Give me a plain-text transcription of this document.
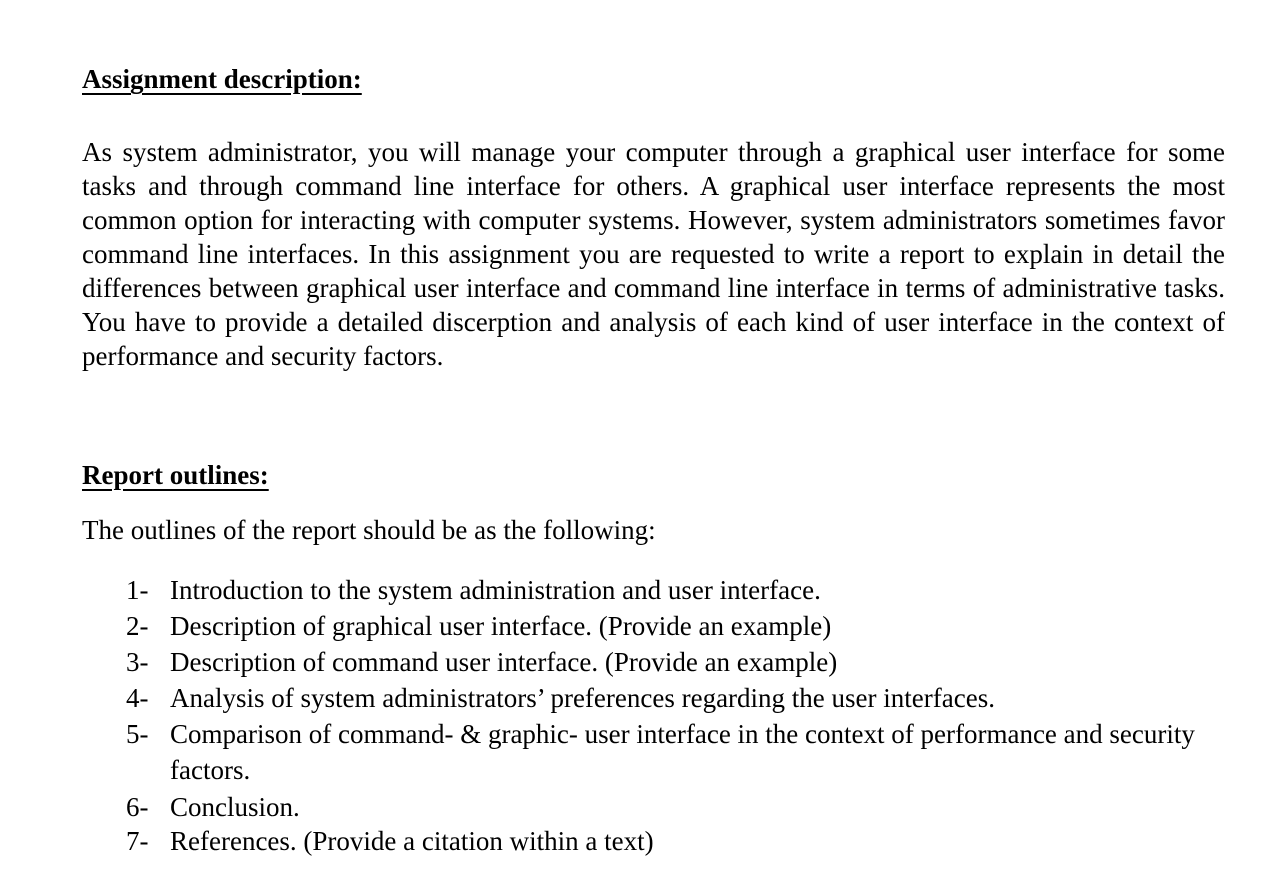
Assignment description:

As system administrator, you will manage your computer through a graphical user interface for some tasks and through command line interface for others. A graphical user interface represents the most common option for interacting with computer systems. However, system administrators sometimes favor command line interfaces. In this assignment you are requested to write a report to explain in detail the differences between graphical user interface and command line interface in terms of administrative tasks. You have to provide a detailed discerption and analysis of each kind of user interface in the context of performance and security factors.

Report outlines:

The outlines of the report should be as the following:

1- Introduction to the system administration and user interface.
2- Description of graphical user interface. (Provide an example)
3- Description of command user interface. (Provide an example)
4- Analysis of system administrators’ preferences regarding the user interfaces.
5- Comparison of command- & graphic- user interface in the context of performance and security factors.
6- Conclusion.
7- References. (Provide a citation within a text)
